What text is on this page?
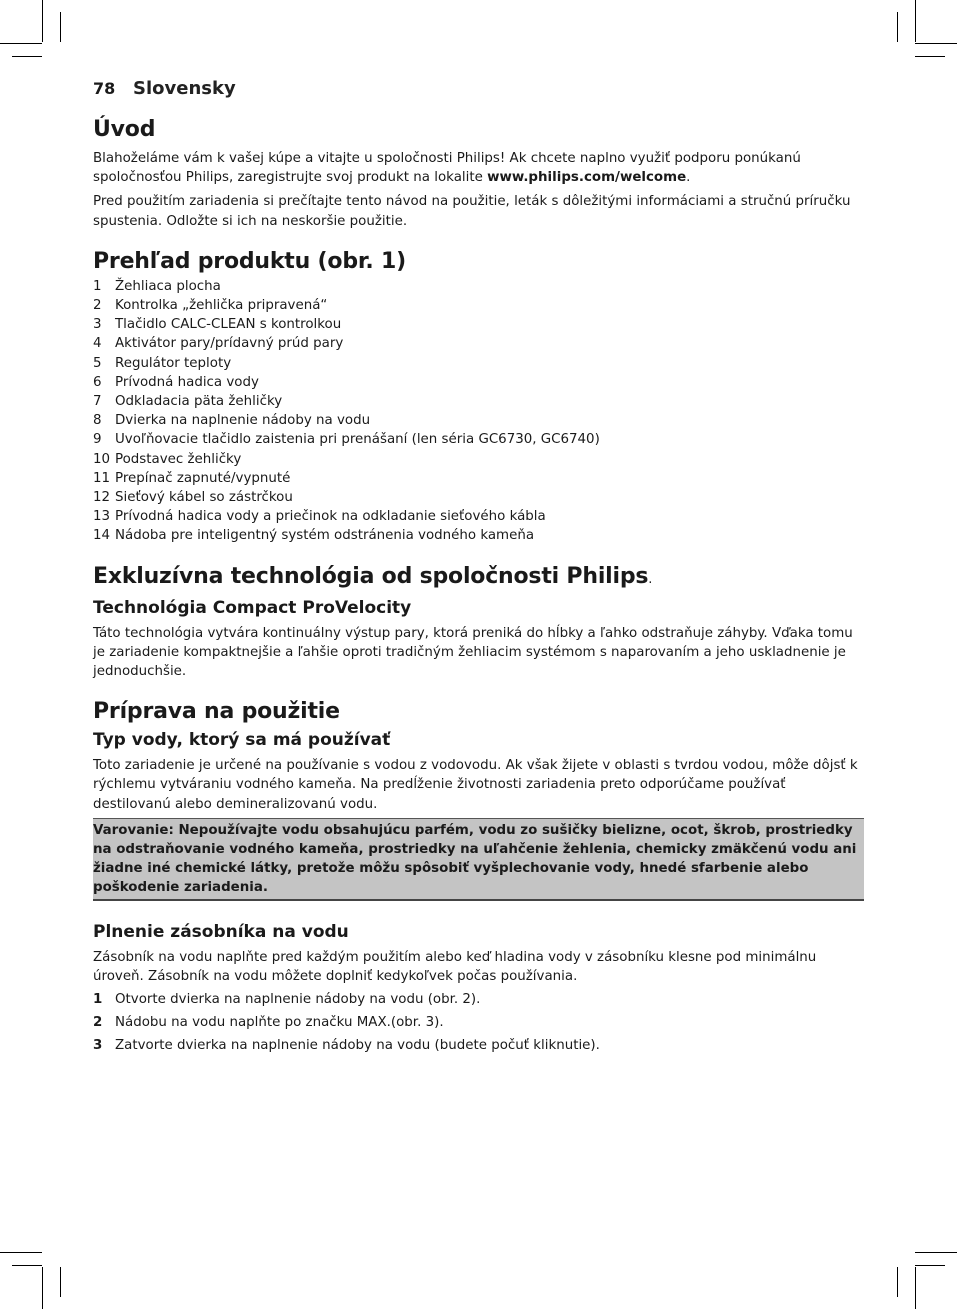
78 Slovensky
Úvod

Blahoželáme vám k vašej kúpe a vitajte u spoločnosti Philips! Ak chcete naplno využiť podporu ponúkanú spoločnosťou Philips, zaregistrujte svoj produkt na lokalite www.philips.com/welcome.

Pred použitím zariadenia si prečítajte tento návod na použitie, leták s dôležitými informáciami a stručnú príručku spustenia. Odložte si ich na neskoršie použitie.

Prehľad produktu (obr. 1)
1	Žehliaca plocha
2	Kontrolka „žehlička pripravená“
3	Tlačidlo CALC-CLEAN s kontrolkou
4	Aktivátor pary/prídavný prúd pary
5	Regulátor teploty
6	Prívodná hadica vody
7	Odkladacia päta žehličky
8	Dvierka na naplnenie nádoby na vodu
9	Uvoľňovacie tlačidlo zaistenia pri prenášaní (len séria GC6730, GC6740)
10 Podstavec žehličky
11 Prepínač zapnuté/vypnuté
12 Sieťový kábel so zástrčkou
13 Prívodná hadica vody a priečinok na odkladanie sieťového kábla
14 Nádoba pre inteligentný systém odstránenia vodného kameňa
Exkluzívna technológia od spoločnosti Philips.
Technológia Compact ProVelocity

Táto technológia vytvára kontinuálny výstup pary, ktorá preniká do hĺbky a ľahko odstraňuje záhyby. Vďaka tomu je zariadenie kompaktnejšie a ľahšie oproti tradičným žehliacim systémom s naparovaním a jeho uskladnenie je jednoduchšie.

Príprava na použitie
Typ vody, ktorý sa má používať

Toto zariadenie je určené na používanie s vodou z vodovodu. Ak však žijete v oblasti s tvrdou vodou, môže dôjsť k rýchlemu vytváraniu vodného kameňa. Na predĺženie životnosti zariadenia preto odporúčame používať destilovanú alebo demineralizovanú vodu.

Varovanie: Nepoužívajte vodu obsahujúcu parfém, vodu zo sušičky bielizne, ocot, škrob, prostriedky na odstraňovanie vodného kameňa, prostriedky na uľahčenie žehlenia, chemicky zmäkčenú vodu ani žiadne iné chemické látky, pretože môžu spôsobiť vyšplechovanie vody, hnedé sfarbenie alebo poškodenie zariadenia.
Plnenie zásobníka na vodu

Zásobník na vodu naplňte pred každým použitím alebo keď hladina vody v zásobníku klesne pod minimálnu úroveň. Zásobník na vodu môžete doplniť kedykoľvek počas používania.

1 Otvorte dvierka na naplnenie nádoby na vodu (obr. 2).
2 Nádobu na vodu naplňte po značku MAX.(obr. 3).
3 Zatvorte dvierka na naplnenie nádoby na vodu (budete počuť kliknutie).
